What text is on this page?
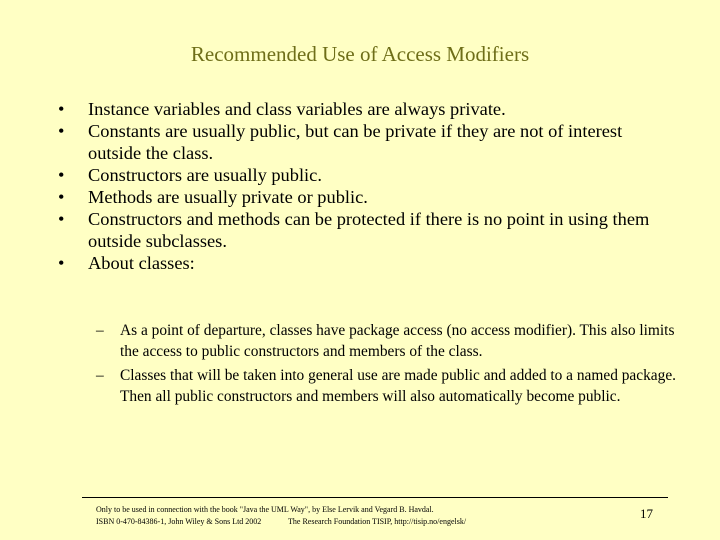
Recommended Use of Access Modifiers
•	Instance variables and class variables are always private.
•	Constants are usually public, but can be private if they are not of interest outside the class.
•	Constructors are usually public.
•	Methods are usually private or public.
•	Constructors and methods can be protected if there is no point in using them outside subclasses.
•	About classes:
–	As a point of departure, classes have package access (no access modifier). This also limits the access to public constructors and members of the class.
–	Classes that will be taken into general use are made public and added to a named package. Then all public constructors and members will also automatically become public.
Only to be used in connection with the book "Java the UML Way", by Else Lervik and Vegard B. Havdal.
ISBN 0-470-84386-1, John Wiley & Sons Ltd 2002	The Research Foundation TISIP, http://tisip.no/engelsk/
17
